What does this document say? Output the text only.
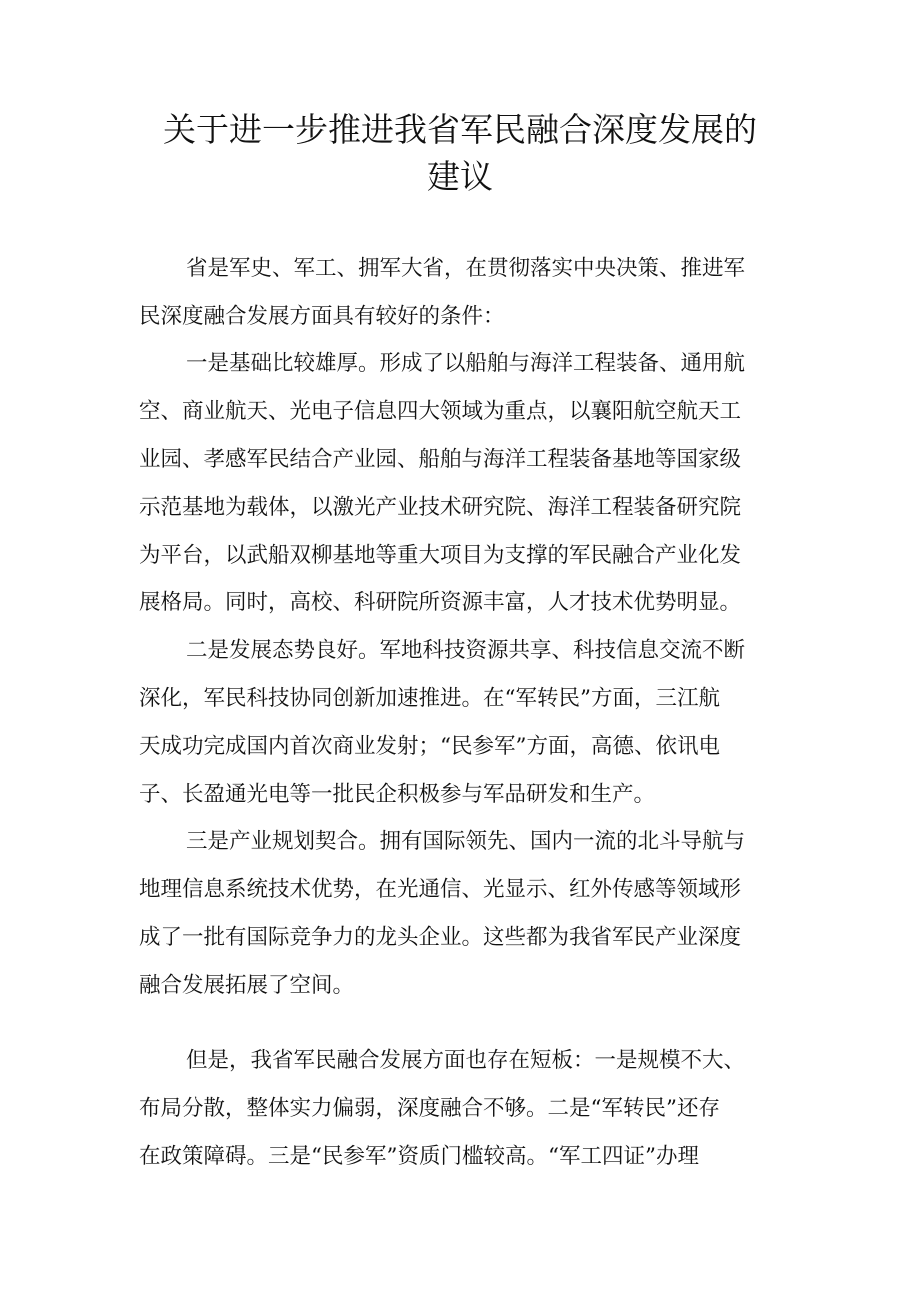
关于进一步推进我省军民融合深度发展的
建议

省是军史、军工、拥军大省，在贯彻落实中央决策、推进军

民深度融合发展方面具有较好的条件：

一是基础比较雄厚。形成了以船舶与海洋工程装备、通用航

空、商业航天、光电子信息四大领域为重点，以襄阳航空航天工

业园、孝感军民结合产业园、船舶与海洋工程装备基地等国家级

示范基地为载体，以激光产业技术研究院、海洋工程装备研究院

为平台，以武船双柳基地等重大项目为支撑的军民融合产业化发

展格局。同时，高校、科研院所资源丰富，人才技术优势明显。

二是发展态势良好。军地科技资源共享、科技信息交流不断

深化，军民科技协同创新加速推进。在“军转民”方面，三江航

天成功完成国内首次商业发射；“民参军”方面，高德、依讯电

子、长盈通光电等一批民企积极参与军品研发和生产。

三是产业规划契合。拥有国际领先、国内一流的北斗导航与

地理信息系统技术优势，在光通信、光显示、红外传感等领域形

成了一批有国际竞争力的龙头企业。这些都为我省军民产业深度

融合发展拓展了空间。

但是，我省军民融合发展方面也存在短板：一是规模不大、

布局分散，整体实力偏弱，深度融合不够。二是“军转民”还存

在政策障碍。三是“民参军”资质门槛较高。“军工四证”办理
